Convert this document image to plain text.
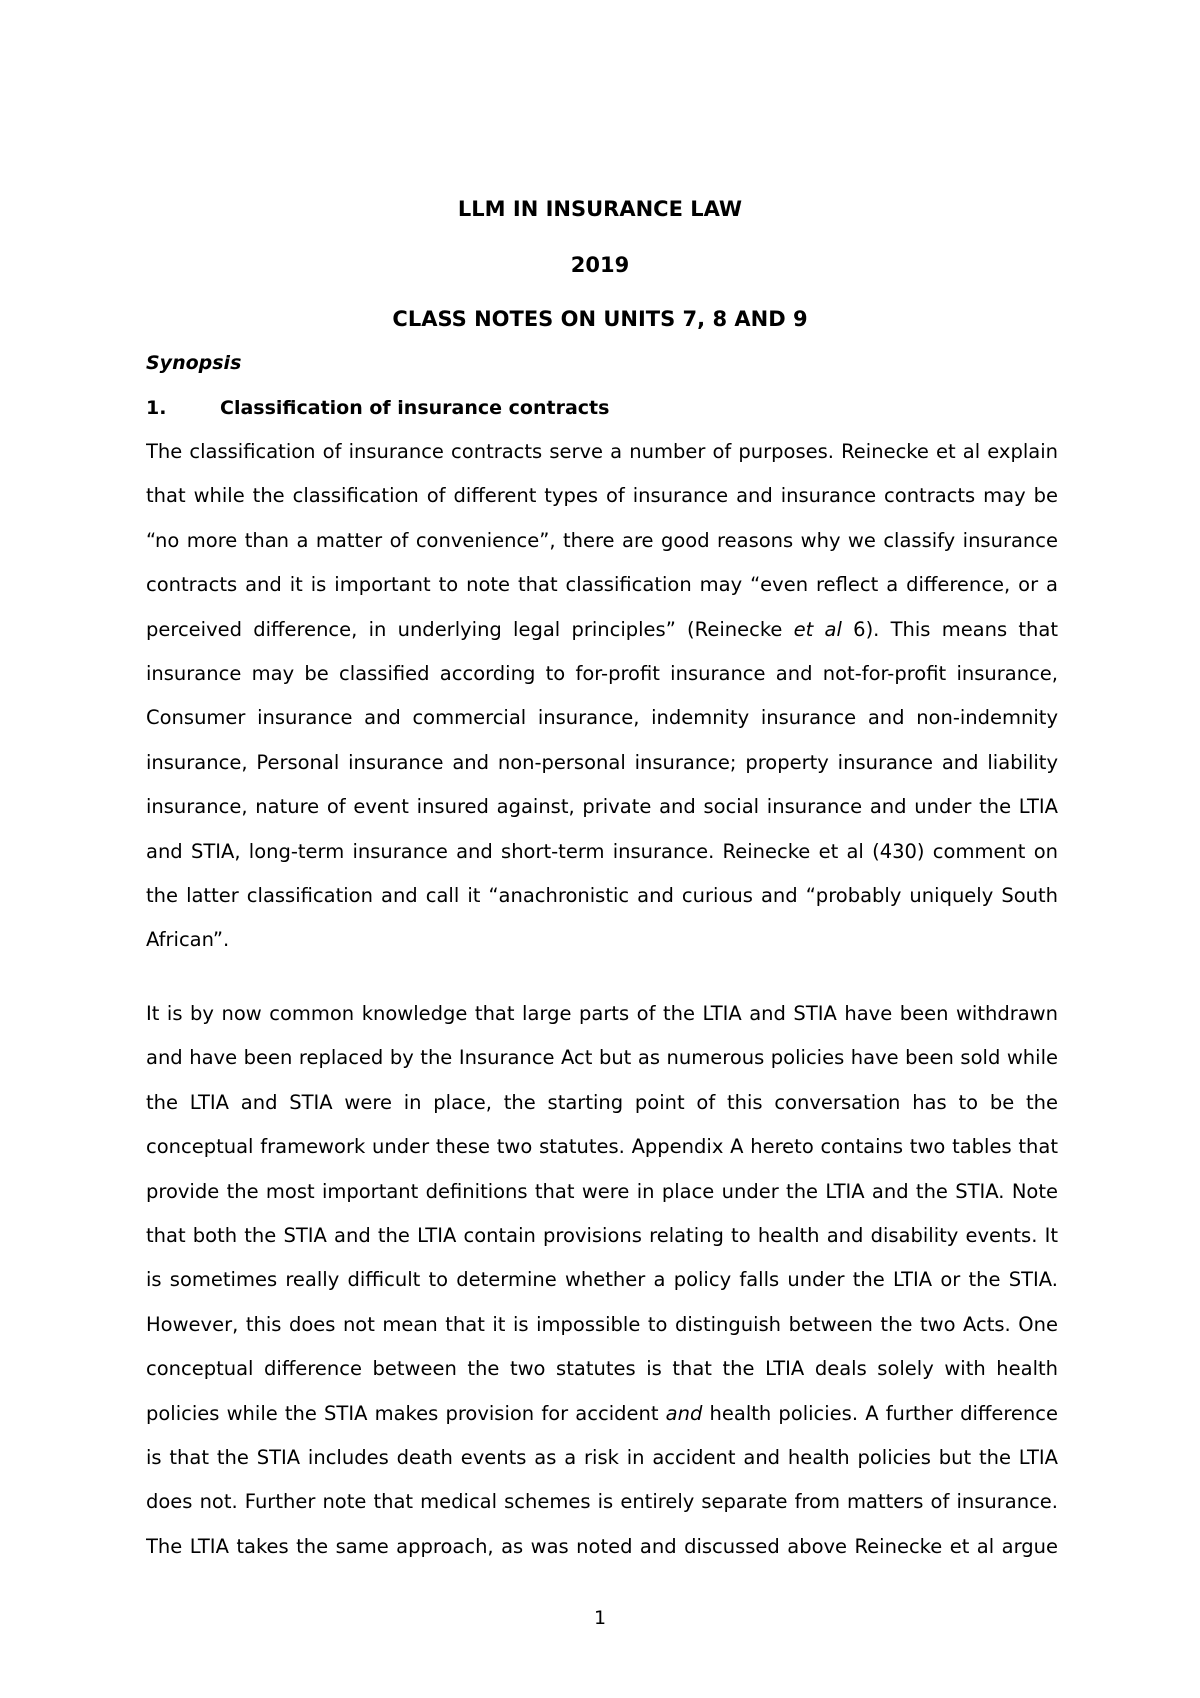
LLM IN INSURANCE LAW

2019

CLASS NOTES ON UNITS 7, 8 AND 9

Synopsis

1.	Classification of insurance contracts

The classification of insurance contracts serve a number of purposes. Reinecke et al explain
that while the classification of different types of insurance and insurance contracts may be
“no more than a matter of convenience”, there are good reasons why we classify insurance
contracts and it is important to note that classification may “even reflect a difference, or a
perceived difference, in underlying legal principles” (Reinecke et al 6). This means that
insurance may be classified according to for-profit insurance and not-for-profit insurance,
Consumer insurance and commercial insurance, indemnity insurance and non-indemnity
insurance, Personal insurance and non-personal insurance; property insurance and liability
insurance, nature of event insured against, private and social insurance and under the LTIA
and STIA, long-term insurance and short-term insurance. Reinecke et al (430) comment on
the latter classification and call it “anachronistic and curious and “probably uniquely South
African”.
It is by now common knowledge that large parts of the LTIA and STIA have been withdrawn
and have been replaced by the Insurance Act but as numerous policies have been sold while
the LTIA and STIA were in place, the starting point of this conversation has to be the
conceptual framework under these two statutes. Appendix A hereto contains two tables that
provide the most important definitions that were in place under the LTIA and the STIA. Note
that both the STIA and the LTIA contain provisions relating to health and disability events. It
is sometimes really difficult to determine whether a policy falls under the LTIA or the STIA.
However, this does not mean that it is impossible to distinguish between the two Acts. One
conceptual difference between the two statutes is that the LTIA deals solely with health
policies while the STIA makes provision for accident and health policies. A further difference
is that the STIA includes death events as a risk in accident and health policies but the LTIA
does not. Further note that medical schemes is entirely separate from matters of insurance.
The LTIA takes the same approach, as was noted and discussed above Reinecke et al argue

1
